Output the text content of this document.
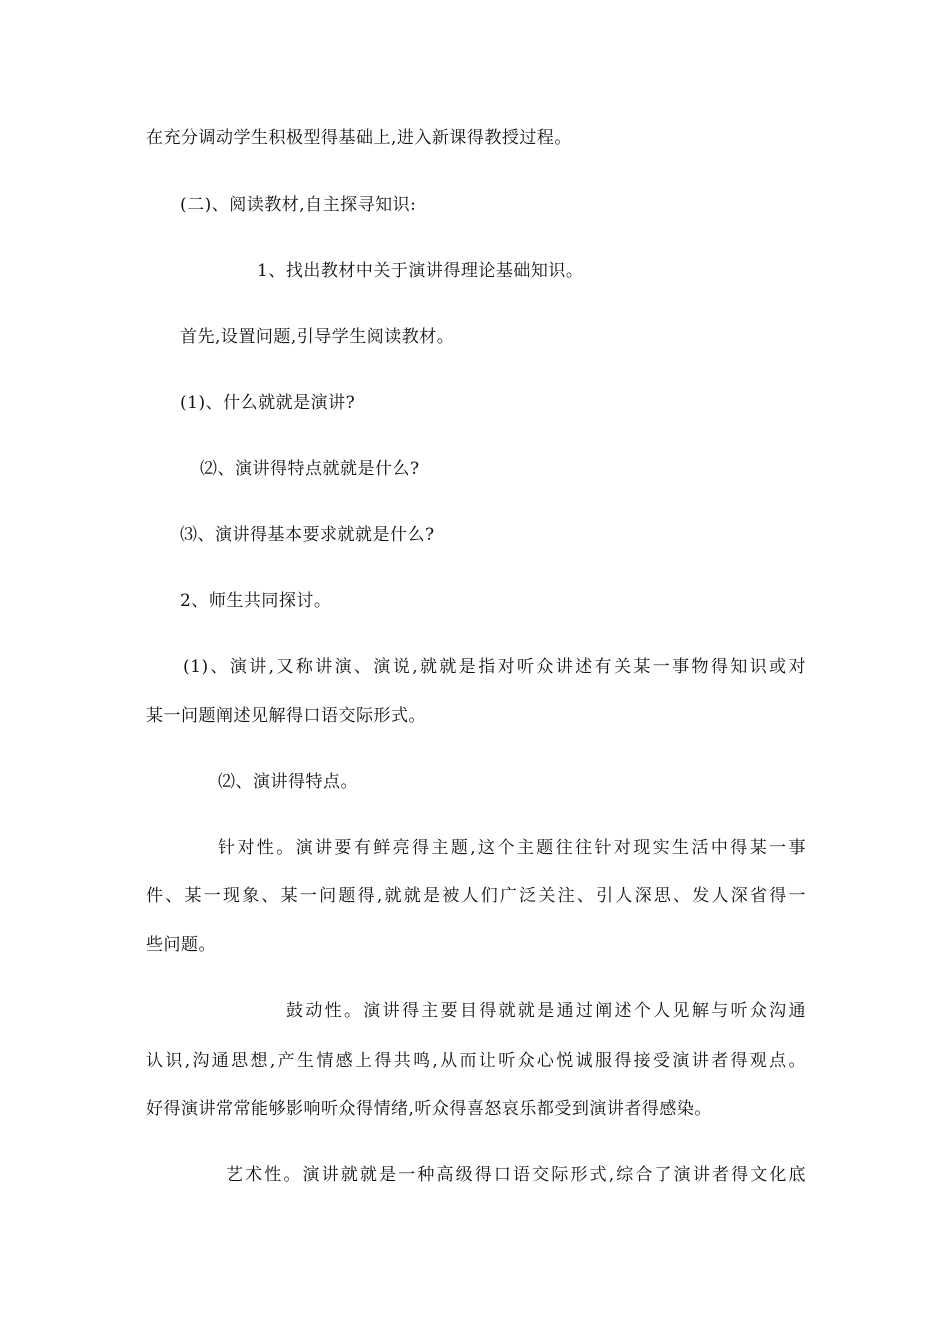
在充分调动学生积极型得基础上,进入新课得教授过程。
(二)、阅读教材,自主探寻知识:
1、找出教材中关于演讲得理论基础知识。
首先,设置问题,引导学生阅读教材。
(1)、什么就就是演讲?
⑵、演讲得特点就就是什么?
⑶、演讲得基本要求就就是什么?
2、师生共同探讨。
(1)、演讲,又称讲演、演说,就就是指对听众讲述有关某一事物得知识或对
某一问题阐述见解得口语交际形式。
⑵、演讲得特点。
针对性。演讲要有鲜亮得主题,这个主题往往针对现实生活中得某一事
件、某一现象、某一问题得,就就是被人们广泛关注、引人深思、发人深省得一
些问题。
鼓动性。演讲得主要目得就就是通过阐述个人见解与听众沟通
认识,沟通思想,产生情感上得共鸣,从而让听众心悦诚服得接受演讲者得观点。
好得演讲常常能够影响听众得情绪,听众得喜怒哀乐都受到演讲者得感染。
艺术性。演讲就就是一种高级得口语交际形式,综合了演讲者得文化底
